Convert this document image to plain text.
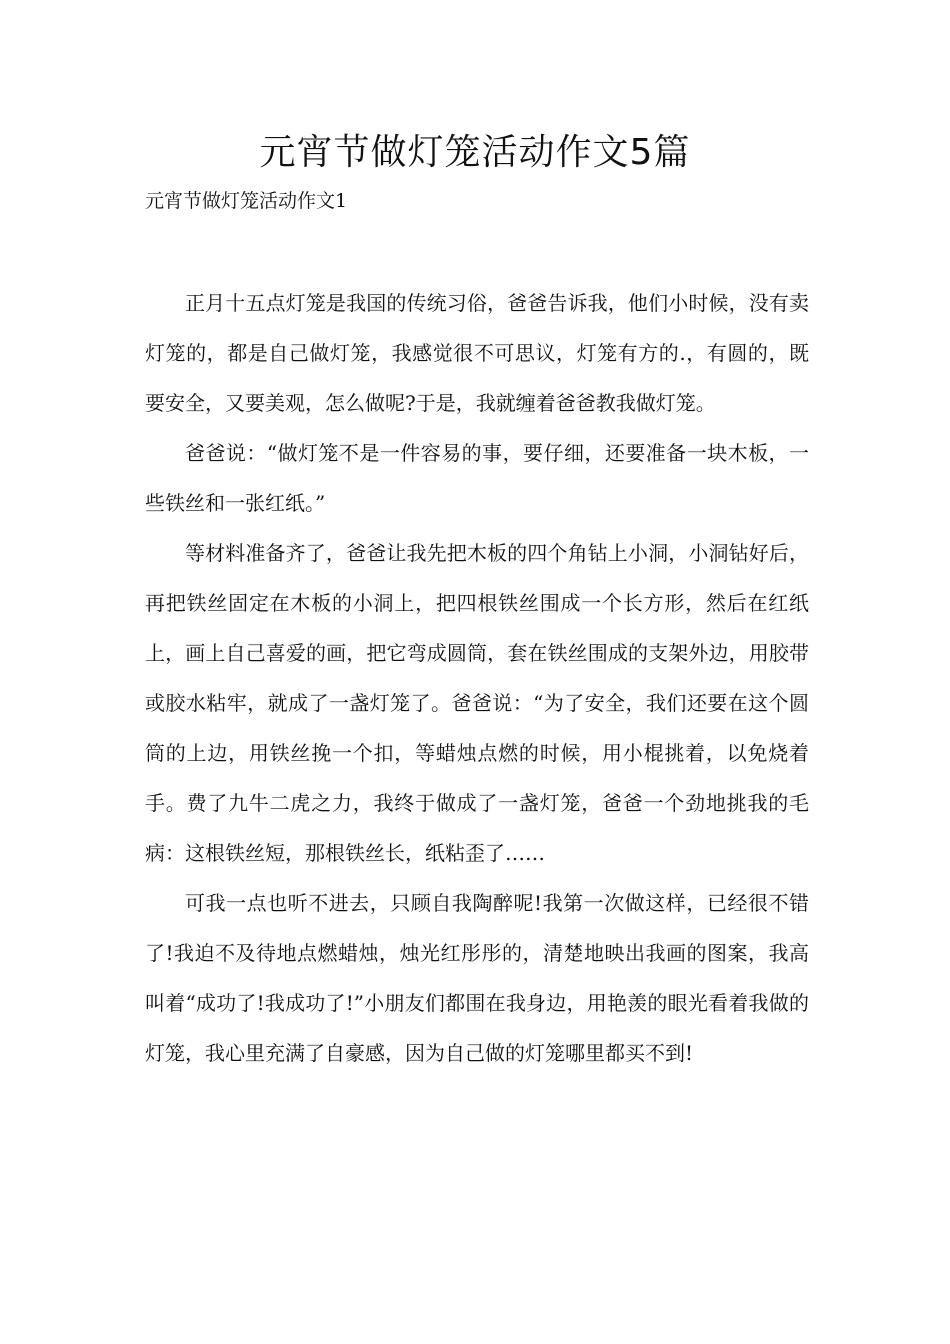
元宵节做灯笼活动作文5篇

元宵节做灯笼活动作文1

正月十五点灯笼是我国的传统习俗，爸爸告诉我，他们小时候，没有卖灯笼的，都是自己做灯笼，我感觉很不可思议，灯笼有方的.，有圆的，既要安全，又要美观，怎么做呢?于是，我就缠着爸爸教我做灯笼。

爸爸说：“做灯笼不是一件容易的事，要仔细，还要准备一块木板，一些铁丝和一张红纸。”

等材料准备齐了，爸爸让我先把木板的四个角钻上小洞，小洞钻好后，再把铁丝固定在木板的小洞上，把四根铁丝围成一个长方形，然后在红纸上，画上自己喜爱的画，把它弯成圆筒，套在铁丝围成的支架外边，用胶带或胶水粘牢，就成了一盏灯笼了。爸爸说：“为了安全，我们还要在这个圆筒的上边，用铁丝挽一个扣，等蜡烛点燃的时候，用小棍挑着，以免烧着手。费了九牛二虎之力，我终于做成了一盏灯笼，爸爸一个劲地挑我的毛病：这根铁丝短，那根铁丝长，纸粘歪了……

可我一点也听不进去，只顾自我陶醉呢!我第一次做这样，已经很不错了!我迫不及待地点燃蜡烛，烛光红彤彤的，清楚地映出我画的图案，我高叫着“成功了!我成功了!”小朋友们都围在我身边，用艳羡的眼光看着我做的灯笼，我心里充满了自豪感，因为自己做的灯笼哪里都买不到!
